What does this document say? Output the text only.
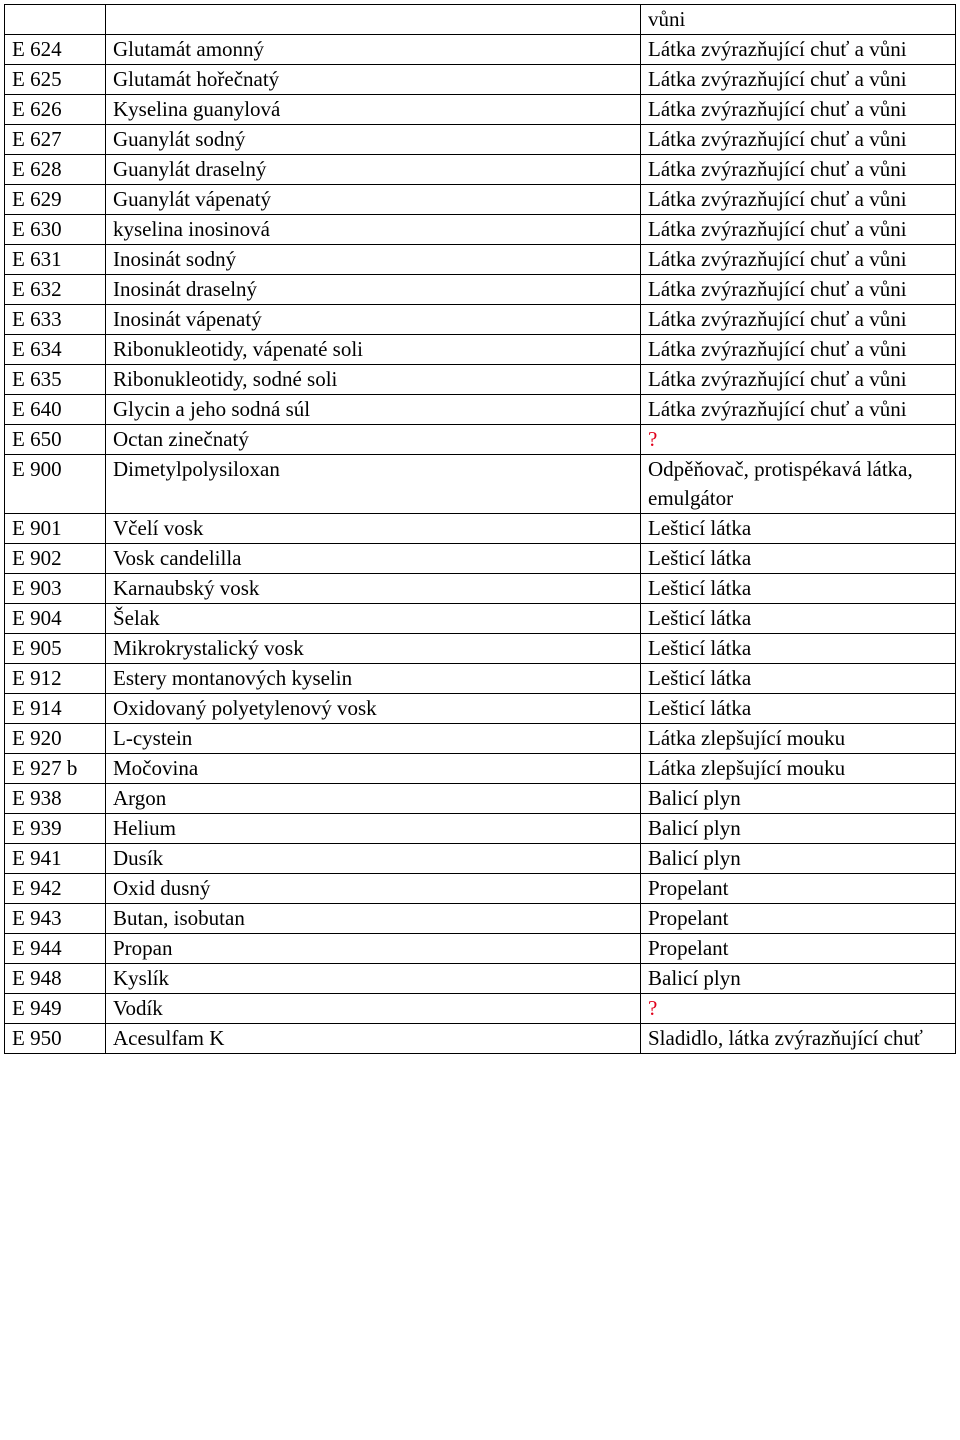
		vůni
E 624	Glutamát amonný	Látka zvýrazňující chuť a vůni
E 625	Glutamát hořečnatý	Látka zvýrazňující chuť a vůni
E 626	Kyselina guanylová	Látka zvýrazňující chuť a vůni
E 627	Guanylát sodný	Látka zvýrazňující chuť a vůni
E 628	Guanylát draselný	Látka zvýrazňující chuť a vůni
E 629	Guanylát vápenatý	Látka zvýrazňující chuť a vůni
E 630	kyselina inosinová	Látka zvýrazňující chuť a vůni
E 631	Inosinát sodný	Látka zvýrazňující chuť a vůni
E 632	Inosinát draselný	Látka zvýrazňující chuť a vůni
E 633	Inosinát vápenatý	Látka zvýrazňující chuť a vůni
E 634	Ribonukleotidy, vápenaté soli	Látka zvýrazňující chuť a vůni
E 635	Ribonukleotidy, sodné soli	Látka zvýrazňující chuť a vůni
E 640	Glycin a jeho sodná súl	Látka zvýrazňující chuť a vůni
E 650	Octan zinečnatý	?
E 900	Dimetylpolysiloxan	Odpěňovač, protispékavá látka, emulgátor
E 901	Včelí vosk	Lešticí látka
E 902	Vosk candelilla	Lešticí látka
E 903	Karnaubský vosk	Lešticí látka
E 904	Šelak	Lešticí látka
E 905	Mikrokrystalický vosk	Lešticí látka
E 912	Estery montanových kyselin	Lešticí látka
E 914	Oxidovaný polyetylenový vosk	Lešticí látka
E 920	L-cystein	Látka zlepšující mouku
E 927 b	Močovina	Látka zlepšující mouku
E 938	Argon	Balicí plyn
E 939	Helium	Balicí plyn
E 941	Dusík	Balicí plyn
E 942	Oxid dusný	Propelant
E 943	Butan, isobutan	Propelant
E 944	Propan	Propelant
E 948	Kyslík	Balicí plyn
E 949	Vodík	?
E 950	Acesulfam K	Sladidlo, látka zvýrazňující chuť
